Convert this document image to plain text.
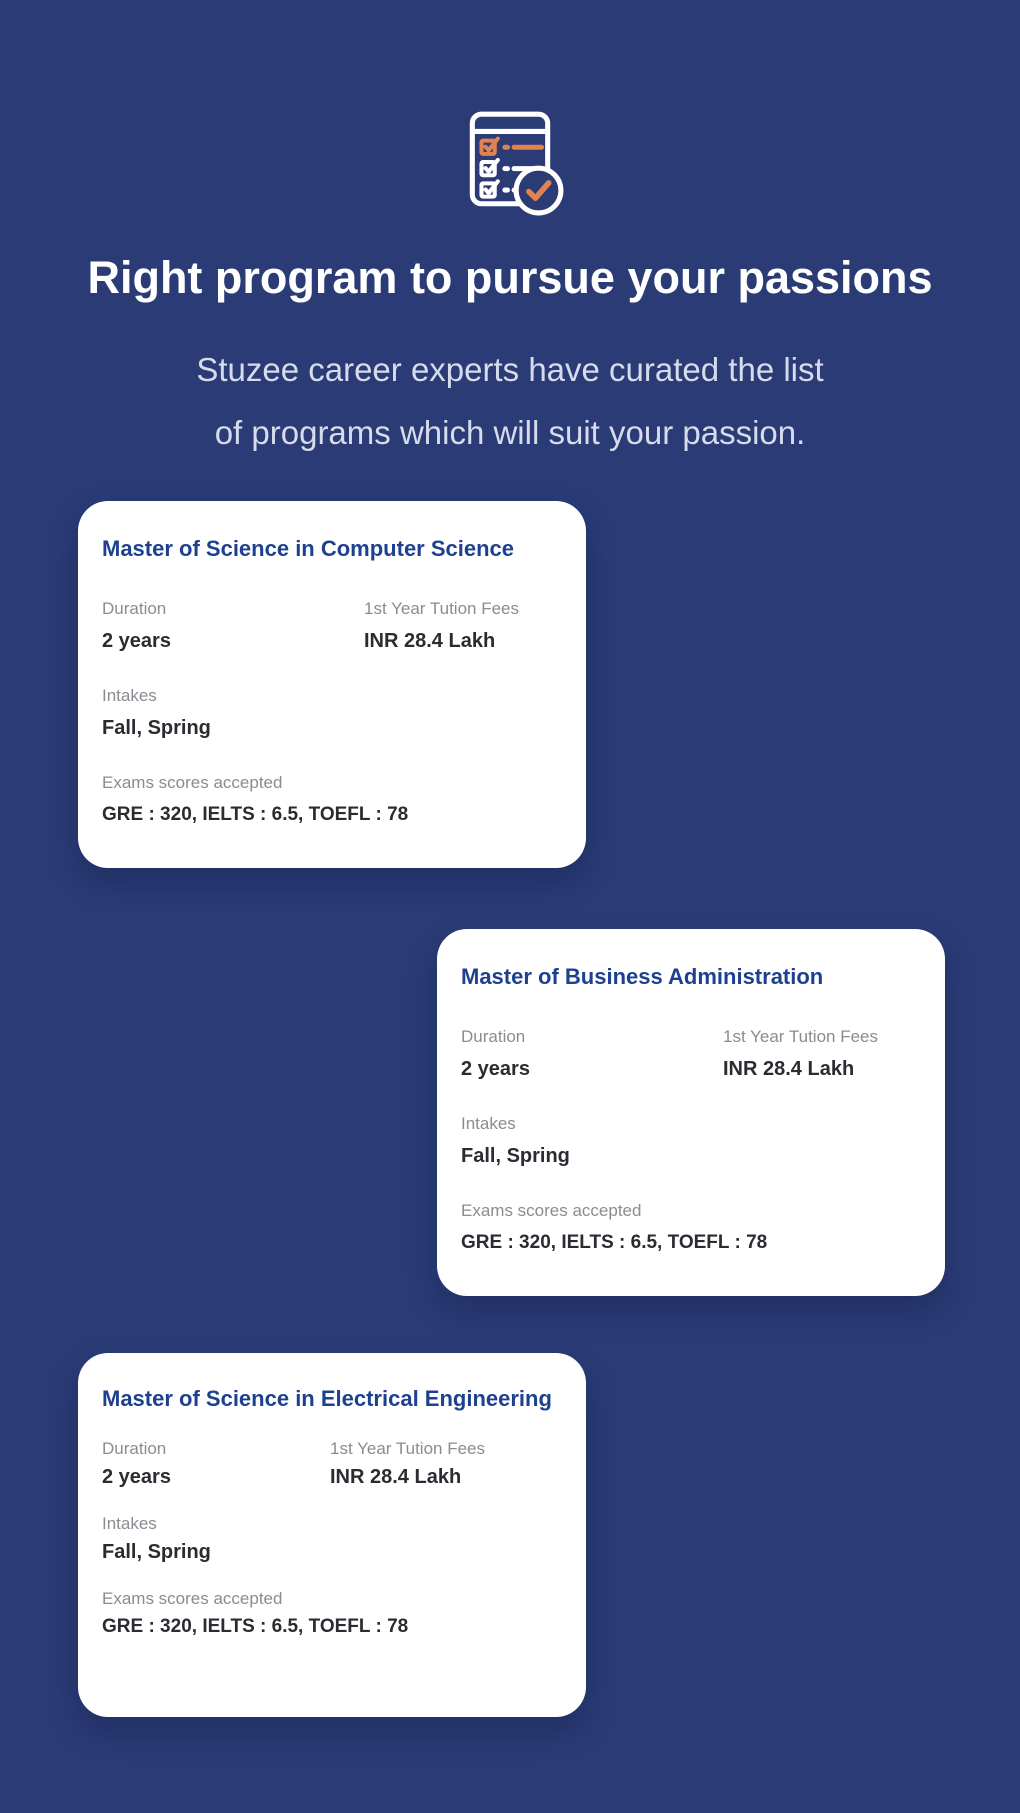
Right program to pursue your passions
Stuzee career experts have curated the list
of programs which will suit your passion.
Master of Science in Computer Science
Duration
2 years
1st Year Tution Fees
INR 28.4 Lakh
Intakes
Fall, Spring
Exams scores accepted
GRE : 320, IELTS : 6.5, TOEFL : 78
Master of Business Administration
Duration
2 years
1st Year Tution Fees
INR 28.4 Lakh
Intakes
Fall, Spring
Exams scores accepted
GRE : 320, IELTS : 6.5, TOEFL : 78
Master of Science in Electrical Engineering
Duration
2 years
1st Year Tution Fees
INR 28.4 Lakh
Intakes
Fall, Spring
Exams scores accepted
GRE : 320, IELTS : 6.5, TOEFL : 78
